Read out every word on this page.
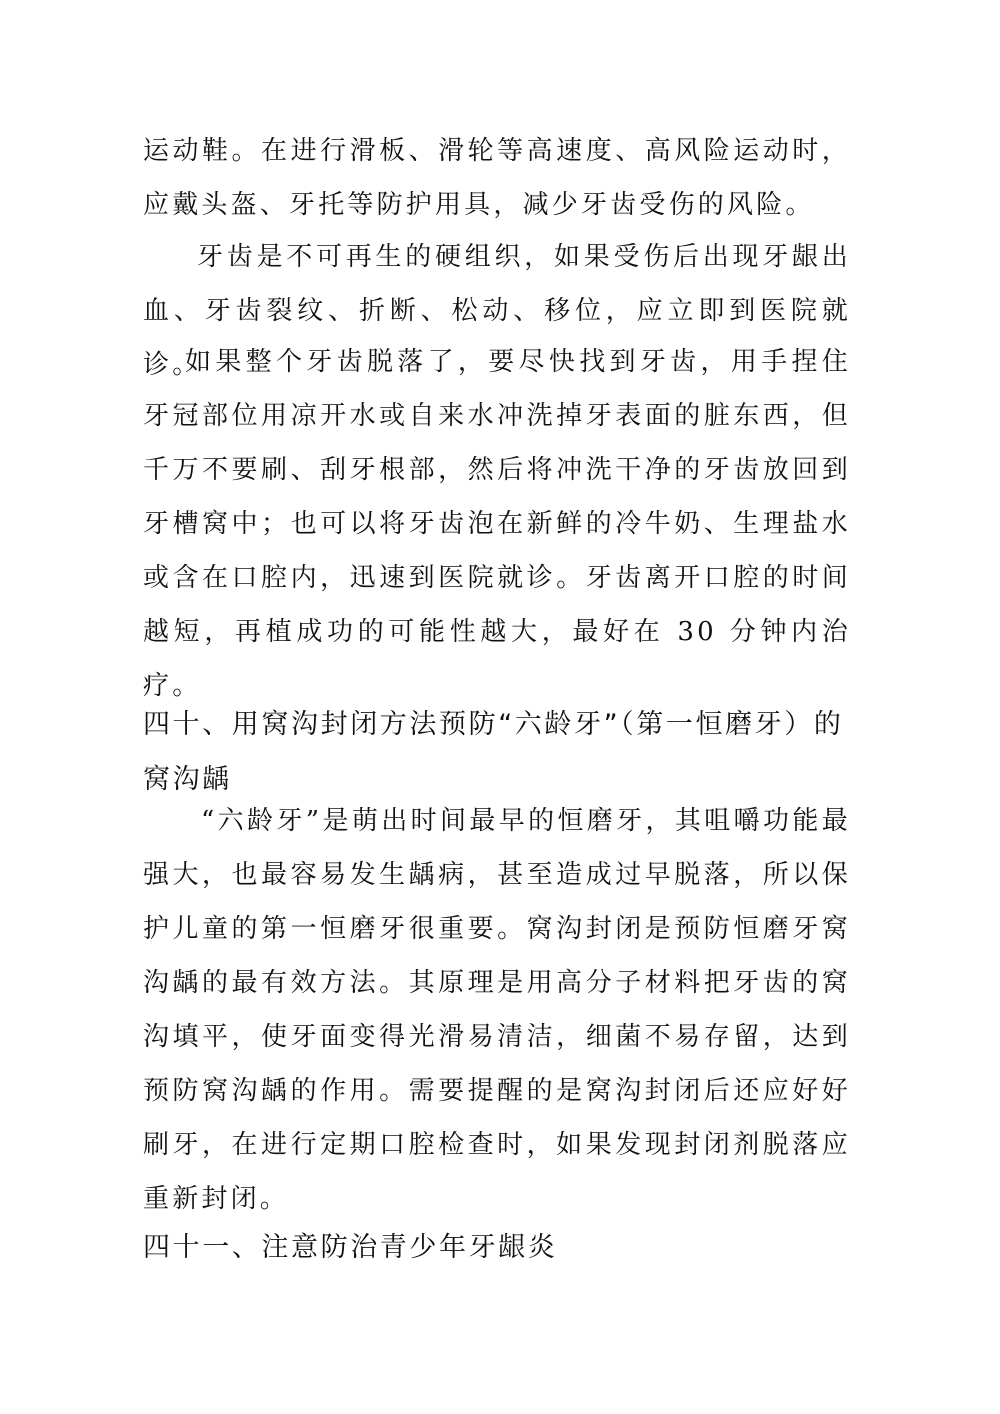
运动鞋。在进行滑板、滑轮等高速度、高风险运动时，应戴头盔、牙托等防护用具，减少牙齿受伤的风险。

牙齿是不可再生的硬组织，如果受伤后出现牙龈出血、牙齿裂纹、折断、松动、移位，应立即到医院就诊。

如果整个牙齿脱落了，要尽快找到牙齿，用手捏住牙冠部位用凉开水或自来水冲洗掉牙表面的脏东西，但千万不要刷、刮牙根部，然后将冲洗干净的牙齿放回到牙槽窝中；也可以将牙齿泡在新鲜的冷牛奶、生理盐水或含在口腔内，迅速到医院就诊。牙齿离开口腔的时间越短，再植成功的可能性越大，最好在 30 分钟内治疗。

四十、用窝沟封闭方法预防“六龄牙”（第一恒磨牙）的窝沟龋

“六龄牙”是萌出时间最早的恒磨牙，其咀嚼功能最强大，也最容易发生龋病，甚至造成过早脱落，所以保护儿童的第一恒磨牙很重要。窝沟封闭是预防恒磨牙窝沟龋的最有效方法。其原理是用高分子材料把牙齿的窝沟填平，使牙面变得光滑易清洁，细菌不易存留，达到预防窝沟龋的作用。需要提醒的是窝沟封闭后还应好好刷牙，在进行定期口腔检查时，如果发现封闭剂脱落应重新封闭。

四十一、注意防治青少年牙龈炎
